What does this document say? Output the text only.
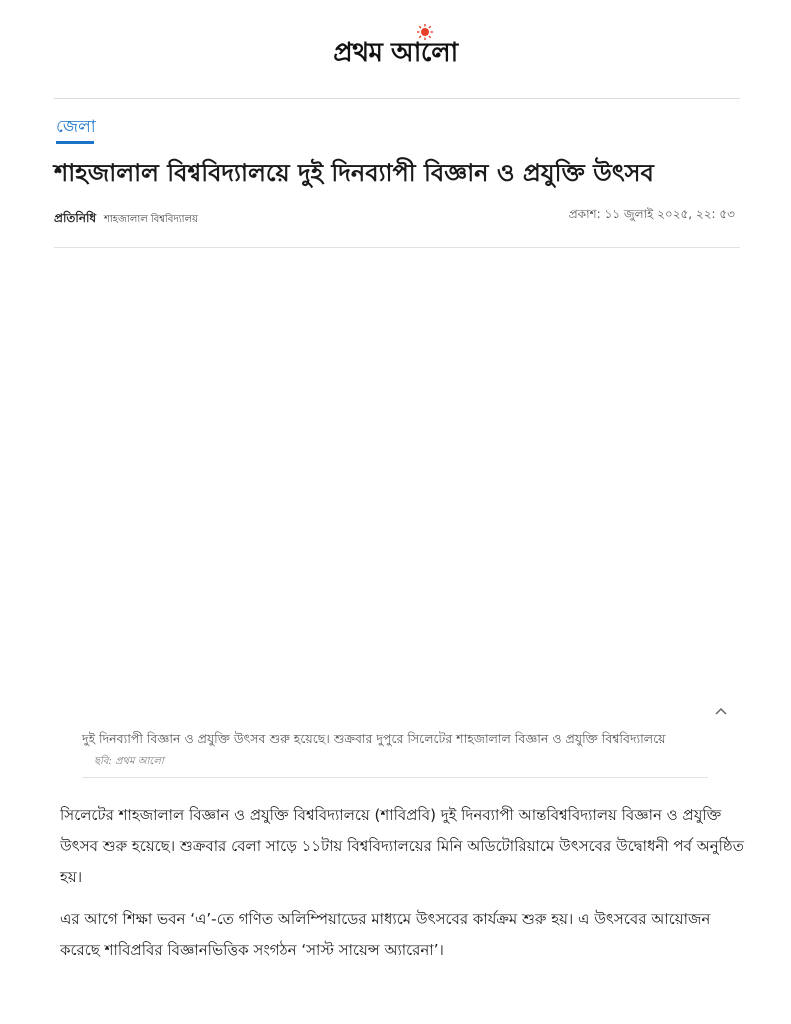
প্রথম আলো
জেলা
শাহজালাল বিশ্ববিদ্যালয়ে দুই দিনব্যাপী বিজ্ঞান ও প্রযুক্তি উৎসব
প্রতিনিধি শাহজালাল বিশ্ববিদ্যালয়	প্রকাশ: ১১ জুলাই ২০২৫, ২২: ৫৩
দুই দিনব্যাপী বিজ্ঞান ও প্রযুক্তি উৎসব শুরু হয়েছে। শুক্রবার দুপুরে সিলেটের শাহজালাল বিজ্ঞান ও প্রযুক্তি বিশ্ববিদ্যালয়ে ছবি: প্রথম আলো

সিলেটের শাহজালাল বিজ্ঞান ও প্রযুক্তি বিশ্ববিদ্যালয়ে (শাবিপ্রবি) দুই দিনব্যাপী আন্তবিশ্ববিদ্যালয় বিজ্ঞান ও প্রযুক্তি উৎসব শুরু হয়েছে। শুক্রবার বেলা সাড়ে ১১টায় বিশ্ববিদ্যালয়ের মিনি অডিটোরিয়ামে উৎসবের উদ্বোধনী পর্ব অনুষ্ঠিত হয়।

এর আগে শিক্ষা ভবন ‘এ’-তে গণিত অলিম্পিয়াডের মাধ্যমে উৎসবের কার্যক্রম শুরু হয়। এ উৎসবের আয়োজন করেছে শাবিপ্রবির বিজ্ঞানভিত্তিক সংগঠন ‘সাস্ট সায়েন্স অ্যারেনা’।
